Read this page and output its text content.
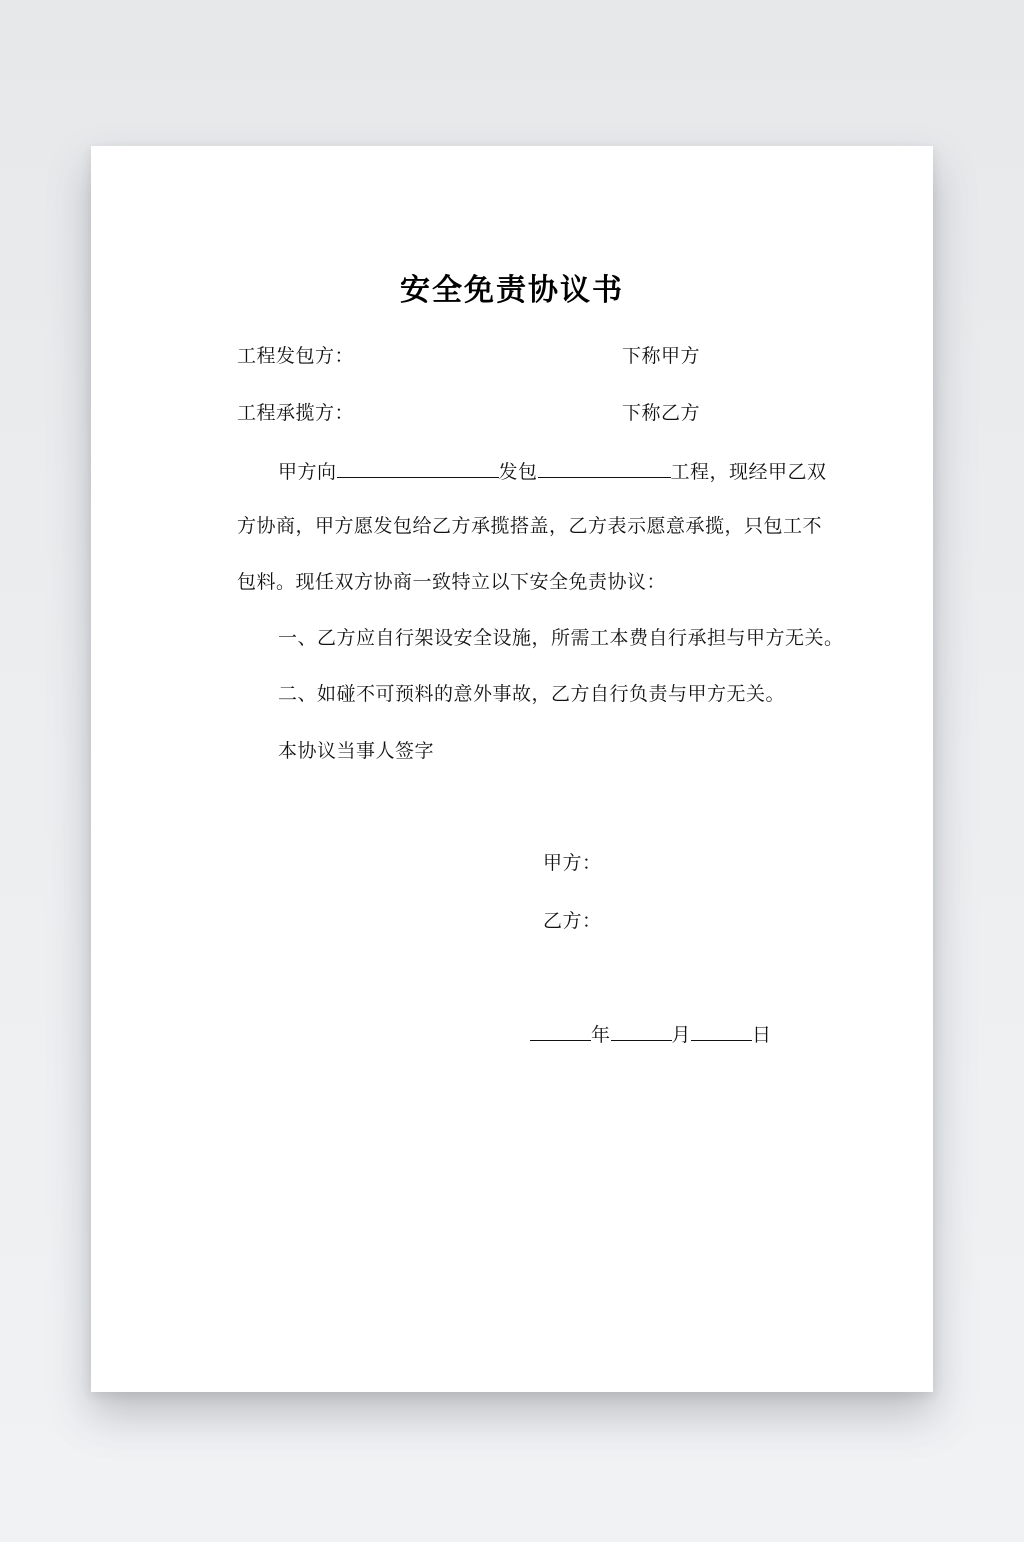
安全免责协议书
工程发包方：	下称甲方
工程承揽方：	下称乙方
甲方向	发包	工程，现经甲乙双
方协商，甲方愿发包给乙方承揽搭盖，乙方表示愿意承揽，只包工不
包料。现任双方协商一致特立以下安全免责协议：
一、乙方应自行架设安全设施，所需工本费自行承担与甲方无关。
二、如碰不可预料的意外事故，乙方自行负责与甲方无关。
本协议当事人签字
甲方：
乙方：
年	月	日
